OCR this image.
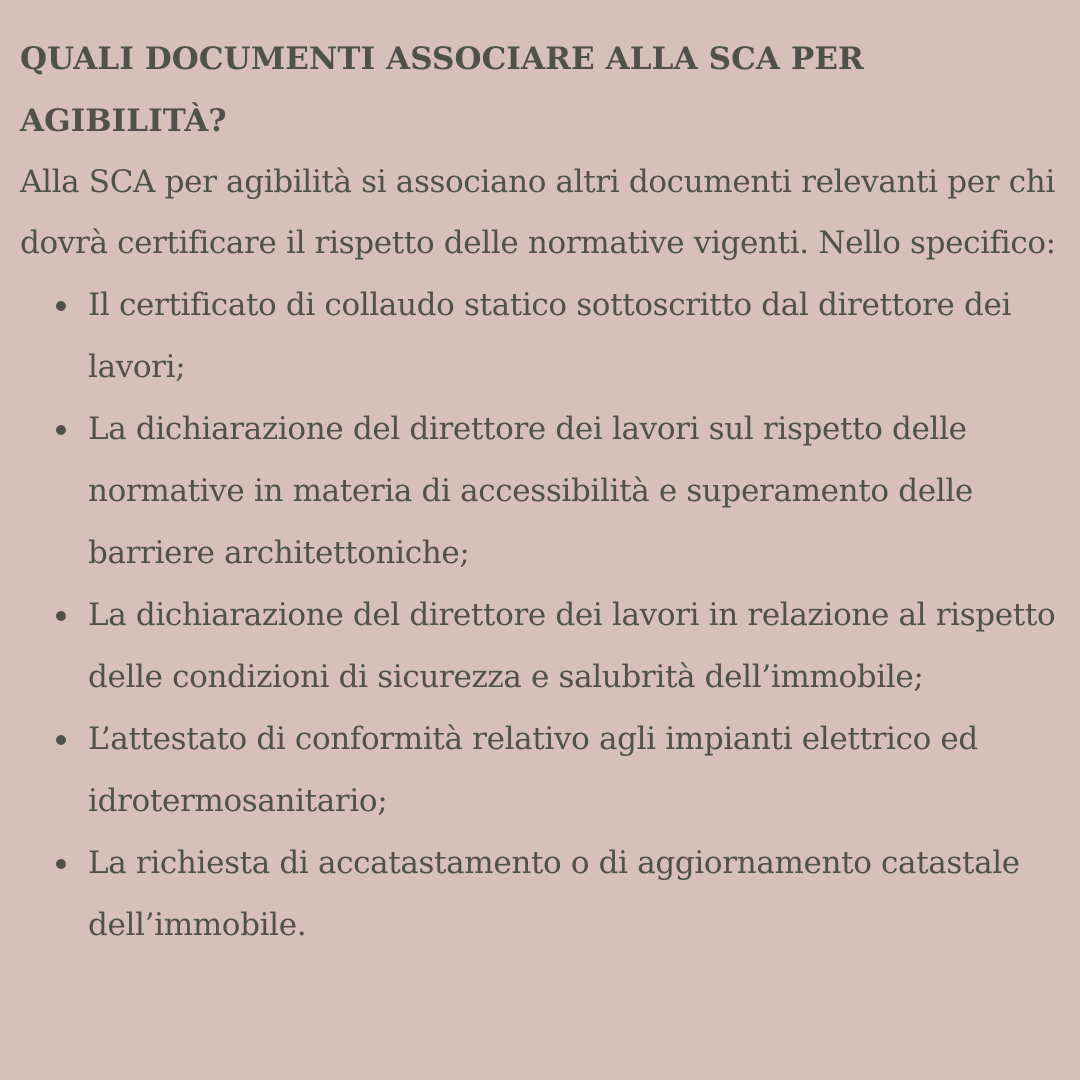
QUALI DOCUMENTI ASSOCIARE ALLA SCA PER AGIBILITÀ?

Alla SCA per agibilità si associano altri documenti relevanti per chi dovrà certificare il rispetto delle normative vigenti. Nello specifico:

Il certificato di collaudo statico sottoscritto dal direttore dei lavori;
La dichiarazione del direttore dei lavori sul rispetto delle normative in materia di accessibilità e superamento delle barriere architettoniche;
La dichiarazione del direttore dei lavori in relazione al rispetto delle condizioni di sicurezza e salubrità dell’immobile;
L’attestato di conformità relativo agli impianti elettrico ed idrotermosanitario;
La richiesta di accatastamento o di aggiornamento catastale dell’immobile.
